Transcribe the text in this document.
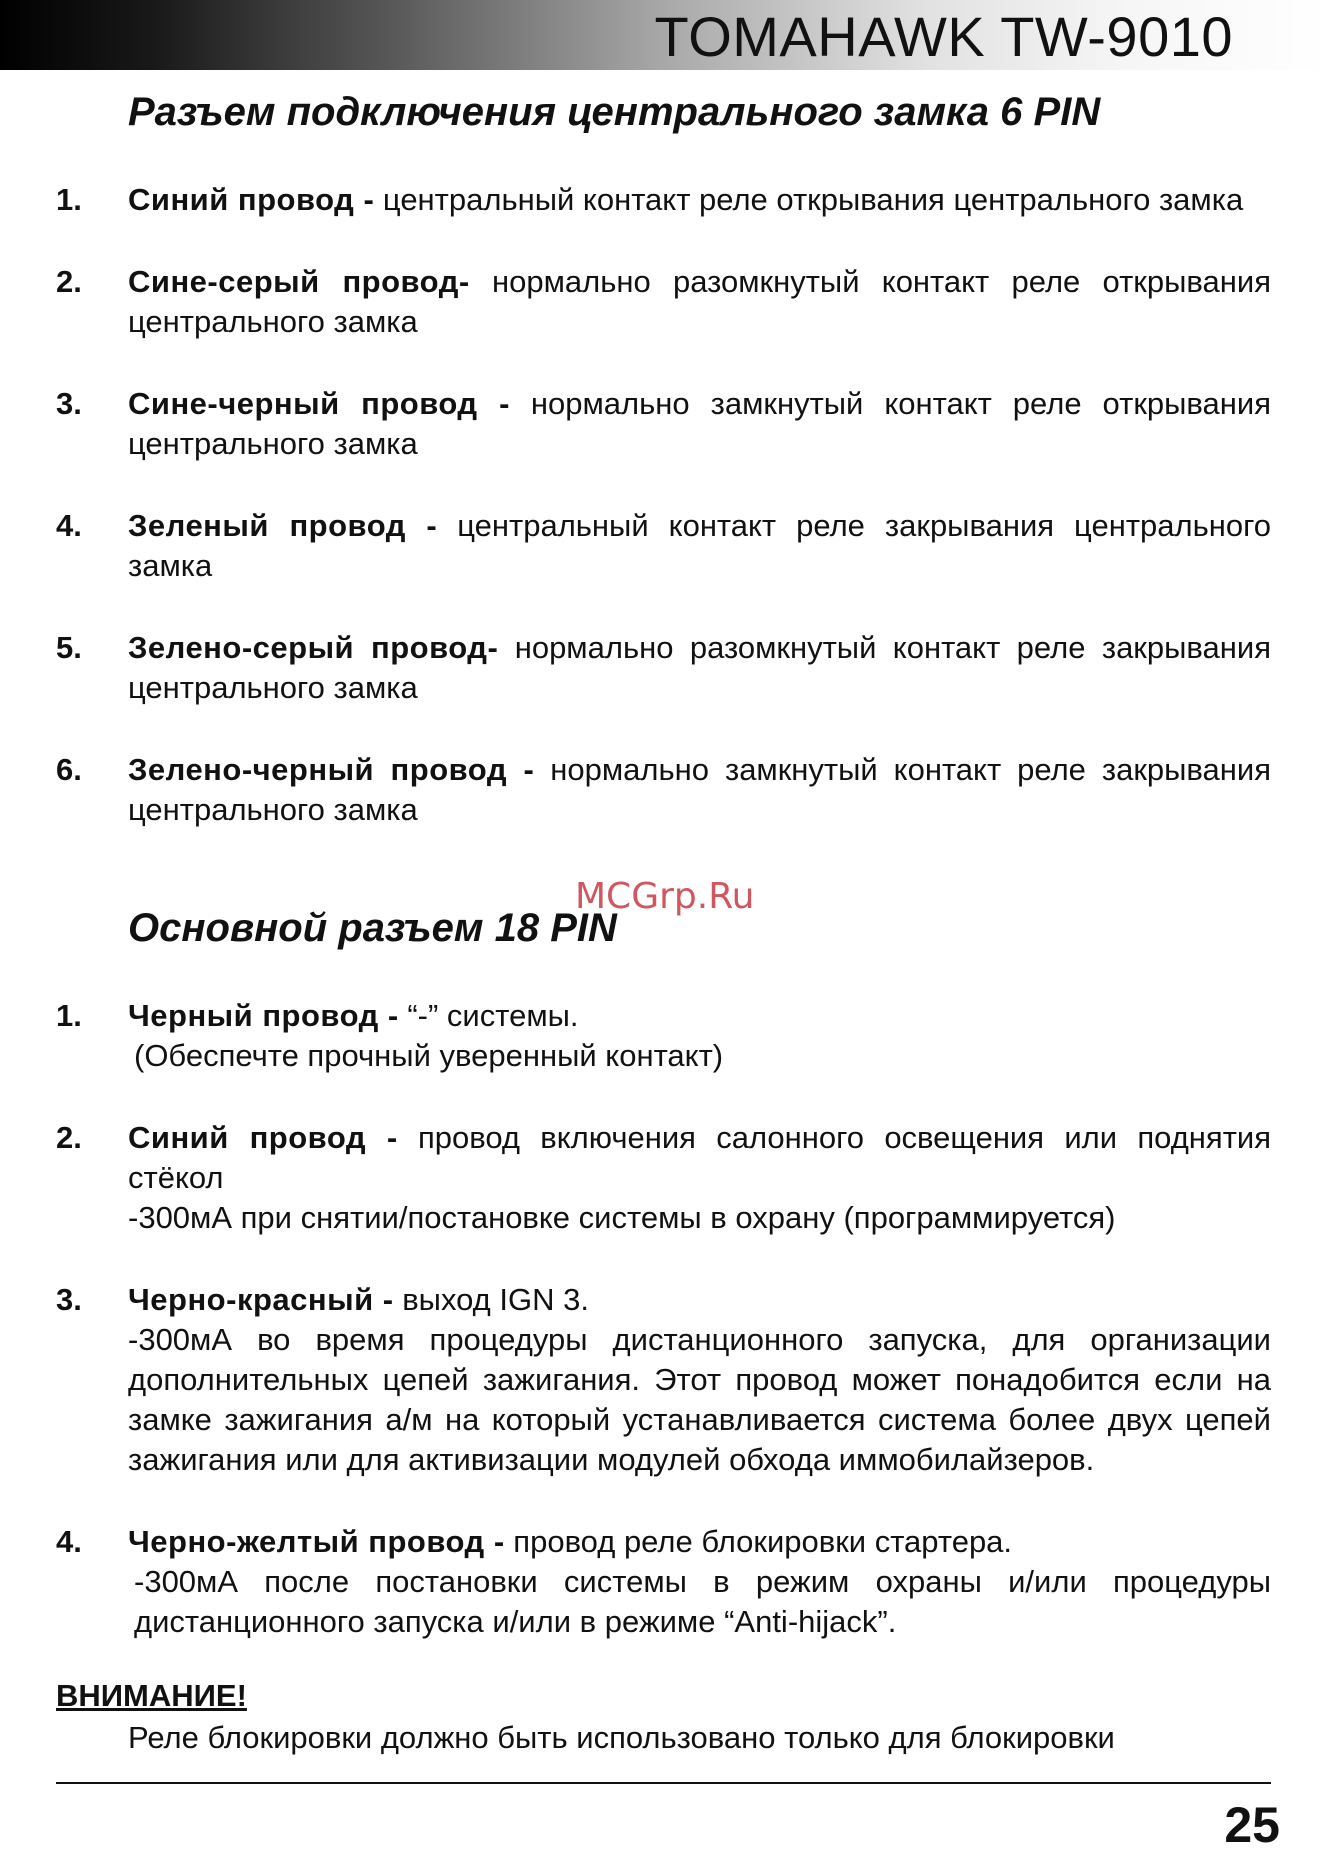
TOMAHAWK TW-9010
Разъем подключения центрального замка 6 PIN
1. Синий провод - центральный контакт реле открывания центрального замка
2. Сине-серый провод- нормально разомкнутый контакт реле открывания центрального замка
3. Сине-черный провод - нормально замкнутый контакт реле открывания центрального замка
4. Зеленый провод - центральный контакт реле закрывания центрального замка
5. Зелено-серый провод- нормально разомкнутый контакт реле закрывания центрального замка
6. Зелено-черный провод - нормально замкнутый контакт реле закрывания центрального замка
Основной разъем 18 PIN
MCGrp.Ru
1. Черный провод - “-” системы.
(Обеспечте прочный уверенный контакт)
2. Синий провод - провод включения салонного освещения или поднятия стёкол
-300мА при снятии/постановке системы в охрану (программируется)
3. Черно-красный - выход IGN 3.
-300мА во время процедуры дистанционного запуска, для организации дополнительных цепей зажигания. Этот провод может понадобится если на замке зажигания а/м на который устанавливается система более двух цепей зажигания или для активизации модулей обхода иммобилайзеров.
4. Черно-желтый провод - провод реле блокировки стартера.
-300мА после постановки системы в режим охраны и/или процедуры дистанционного запуска и/или в режиме “Anti-hijack”.
ВНИМАНИЕ!
Реле блокировки должно быть использовано только для блокировки
25
